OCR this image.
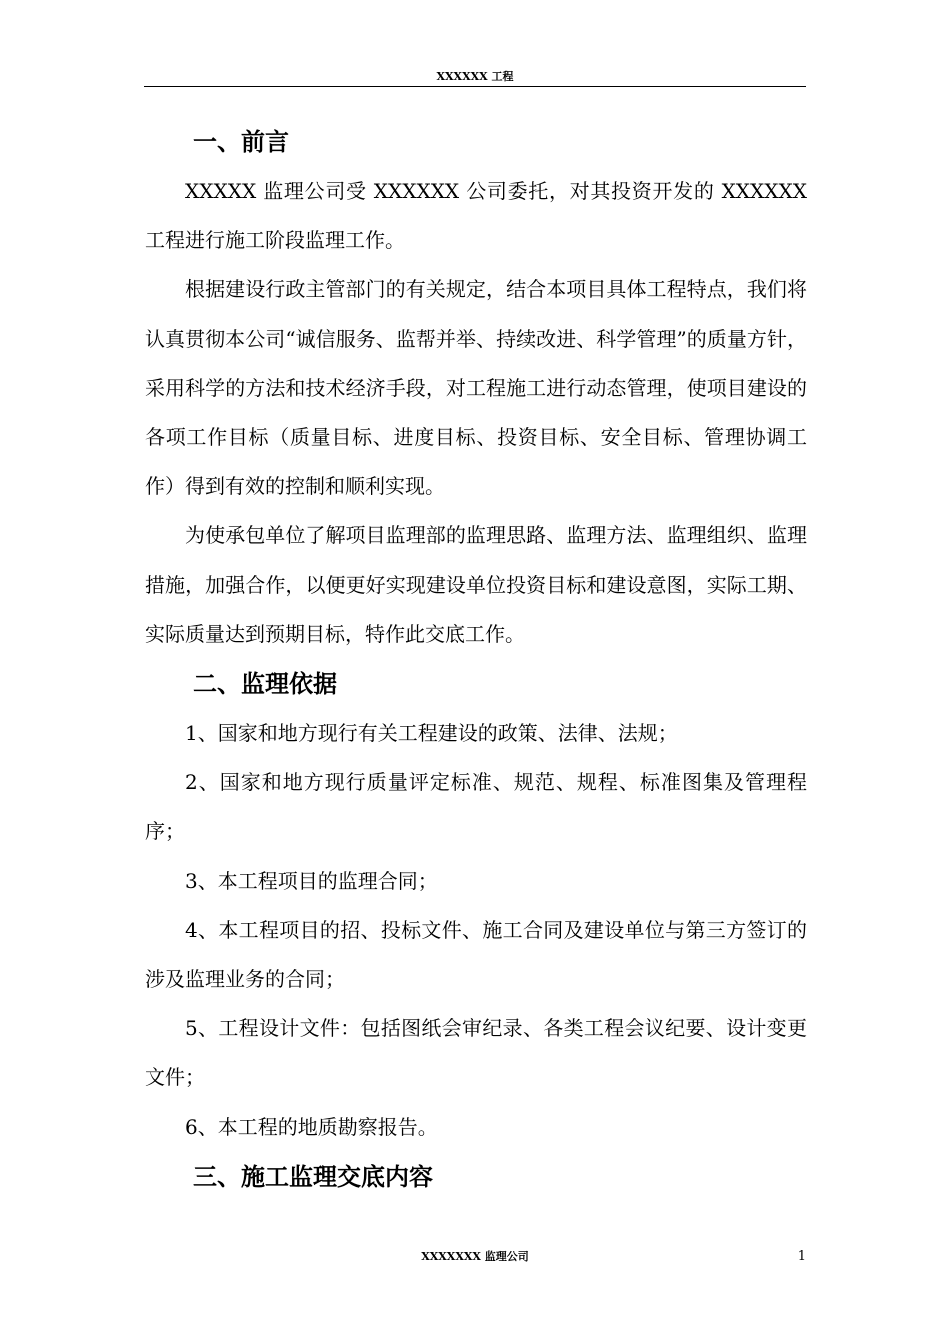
XXXXXX 工程
一、前言

XXXXX 监理公司受 XXXXXX 公司委托，对其投资开发的 XXXXXX 工程进行施工阶段监理工作。

根据建设行政主管部门的有关规定，结合本项目具体工程特点，我们将认真贯彻本公司“诚信服务、监帮并举、持续改进、科学管理”的质量方针，采用科学的方法和技术经济手段，对工程施工进行动态管理，使项目建设的各项工作目标（质量目标、进度目标、投资目标、安全目标、管理协调工作）得到有效的控制和顺利实现。

为使承包单位了解项目监理部的监理思路、监理方法、监理组织、监理措施，加强合作，以便更好实现建设单位投资目标和建设意图，实际工期、实际质量达到预期目标，特作此交底工作。

二、监理依据

1、国家和地方现行有关工程建设的政策、法律、法规；

2、国家和地方现行质量评定标准、规范、规程、标准图集及管理程序；

3、本工程项目的监理合同；

4、本工程项目的招、投标文件、施工合同及建设单位与第三方签订的涉及监理业务的合同；

5、工程设计文件：包括图纸会审纪录、各类工程会议纪要、设计变更文件；

6、本工程的地质勘察报告。

三、施工监理交底内容
XXXXXXX 监理公司	1
